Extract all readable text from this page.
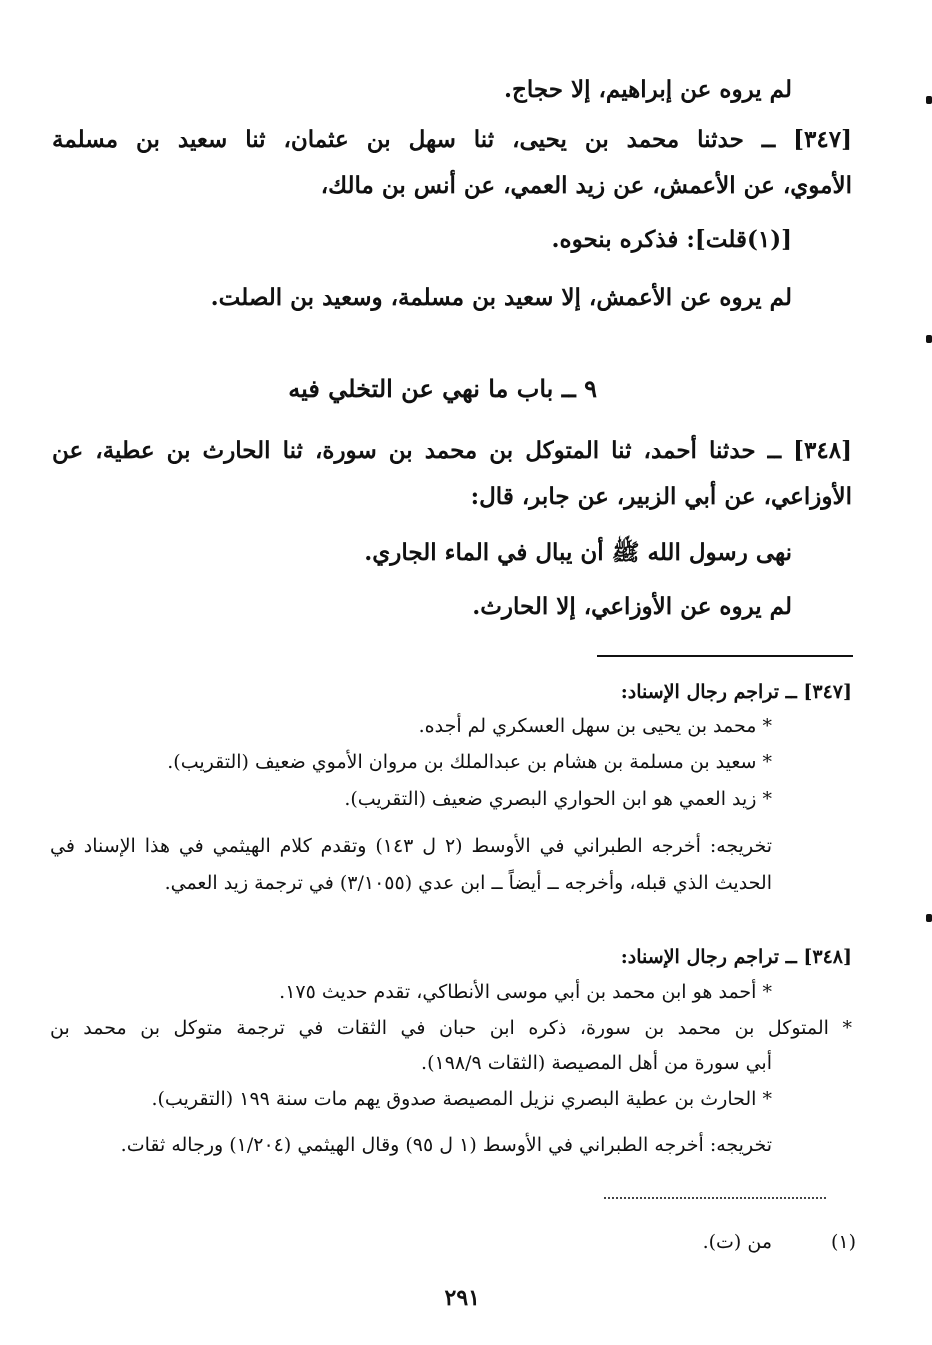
لم يروه عن إبراهيم، إلا حجاج.
[٣٤٧] ــ حدثنا محمد بن يحيى، ثنا سهل بن عثمان، ثنا سعيد بن مسلمة
الأموي، عن الأعمش، عن زيد العمي، عن أنس بن مالك،
[(١)قلت]: فذكره بنحوه.
لم يروه عن الأعمش، إلا سعيد بن مسلمة، وسعيد بن الصلت.
٩ ــ باب ما نهي عن التخلي فيه
[٣٤٨] ــ حدثنا أحمد، ثنا المتوكل بن محمد بن سورة، ثنا الحارث بن عطية، عن
الأوزاعي، عن أبي الزبير، عن جابر، قال:
نهى رسول الله ﷺ أن يبال في الماء الجاري.
لم يروه عن الأوزاعي، إلا الحارث.
[٣٤٧] ــ تراجم رجال الإسناد:
* محمد بن يحيى بن سهل العسكري لم أجده.
* سعيد بن مسلمة بن هشام بن عبدالملك بن مروان الأموي ضعيف (التقريب).
* زيد العمي هو ابن الحواري البصري ضعيف (التقريب).
تخريجه: أخرجه الطبراني في الأوسط (٢ ل ١٤٣) وتقدم كلام الهيثمي في هذا الإسناد في
الحديث الذي قبله، وأخرجه ــ أيضاً ــ ابن عدي (٣/١٠٥٥) في ترجمة زيد العمي.
[٣٤٨] ــ تراجم رجال الإسناد:
* أحمد هو ابن محمد بن أبي موسى الأنطاكي، تقدم حديث ١٧٥.
* المتوكل بن محمد بن سورة، ذكره ابن حبان في الثقات في ترجمة متوكل بن محمد بن
أبي سورة من أهل المصيصة (الثقات ١٩٨/٩).
* الحارث بن عطية البصري نزيل المصيصة صدوق يهم مات سنة ١٩٩ (التقريب).
تخريجه: أخرجه الطبراني في الأوسط (١ ل ٩٥) وقال الهيثمي (١/٢٠٤) ورجاله ثقات.
(١)
من (ت).
٢٩١
